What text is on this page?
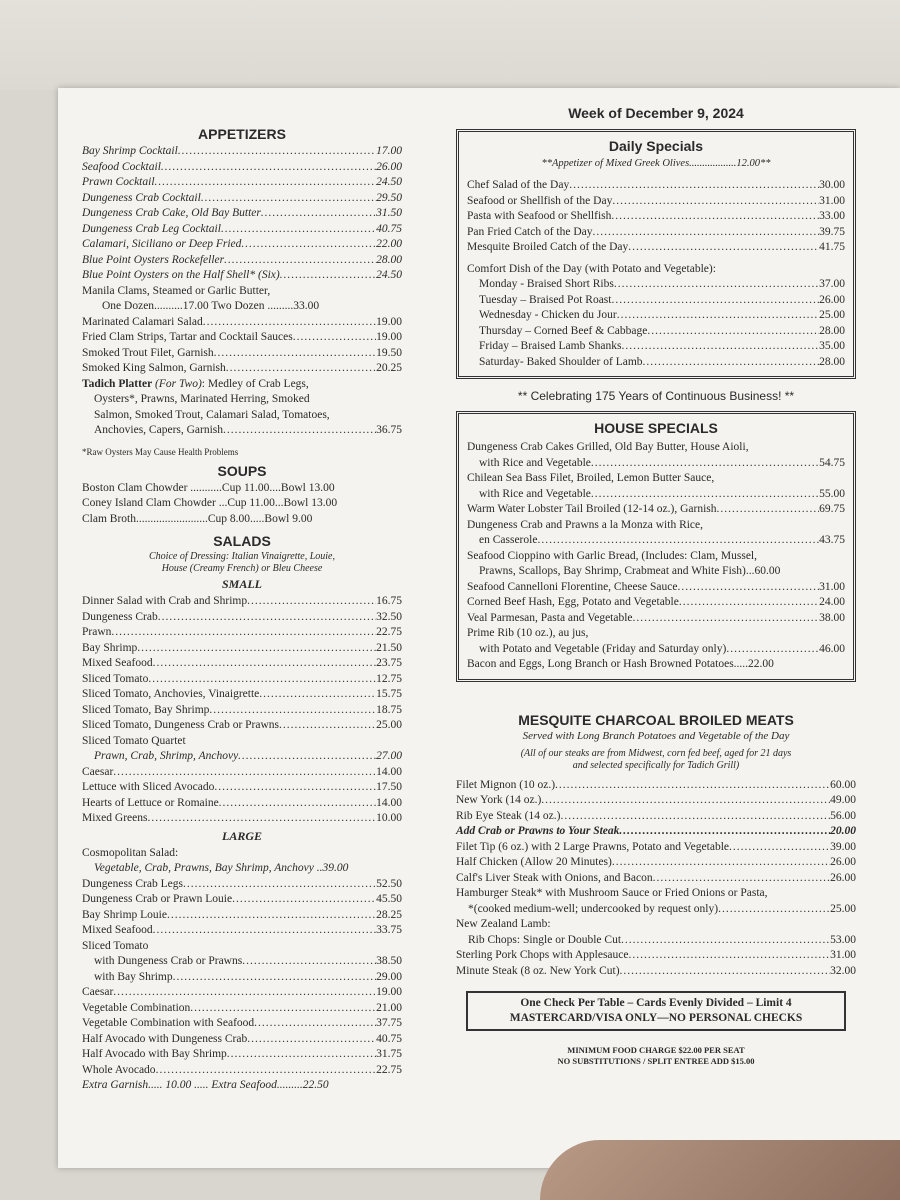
APPETIZERS
Bay Shrimp Cocktail .....	17.00
Seafood Cocktail .....	26.00
Prawn Cocktail .....	24.50
Dungeness Crab Cocktail .....	29.50
Dungeness Crab Cake, Old Bay Butter .....	31.50
Dungeness Crab Leg Cocktail .....	40.75
Calamari, Siciliano or Deep Fried .....	22.00
Blue Point Oysters Rockefeller .....	28.00
Blue Point Oysters on the Half Shell* (Six) .....	24.50
Manila Clams, Steamed or Garlic Butter,
One Dozen..........17.00 Two Dozen ......... 33.00
Marinated Calamari Salad .....	19.00
Fried Clam Strips, Tartar and Cocktail Sauces .....	19.00
Smoked Trout Filet, Garnish .....	19.50
Smoked King Salmon, Garnish .....	20.25
Tadich Platter (For Two): Medley of Crab Legs,
Oysters*, Prawns, Marinated Herring, Smoked
Salmon, Smoked Trout, Calamari Salad, Tomatoes,
Anchovies, Capers, Garnish .....	36.75
*Raw Oysters May Cause Health Problems
SOUPS
Boston Clam Chowder ...........Cup 11.00....Bowl 13.00
Coney Island Clam Chowder ...Cup 11.00...Bowl 13.00
Clam Broth.........................Cup 8.00.....Bowl 9.00
SALADS
Choice of Dressing: Italian Vinaigrette, Louie,
House (Creamy French) or Bleu Cheese
SMALL
Dinner Salad with Crab and Shrimp .....	16.75
Dungeness Crab .....	32.50
Prawn .....	22.75
Bay Shrimp .....	21.50
Mixed Seafood .....	23.75
Sliced Tomato .....	12.75
Sliced Tomato, Anchovies, Vinaigrette .....	15.75
Sliced Tomato, Bay Shrimp .....	18.75
Sliced Tomato, Dungeness Crab or Prawns .....	25.00
Sliced Tomato Quartet
Prawn, Crab, Shrimp, Anchovy .....	27.00
Caesar .....	14.00
Lettuce with Sliced Avocado .....	17.50
Hearts of Lettuce or Romaine .....	14.00
Mixed Greens .....	10.00
LARGE
Cosmopolitan Salad:
Vegetable, Crab, Prawns, Bay Shrimp, Anchovy .. 39.00
Dungeness Crab Legs .....	52.50
Dungeness Crab or Prawn Louie .....	45.50
Bay Shrimp Louie .....	28.25
Mixed Seafood .....	33.75
Sliced Tomato
with Dungeness Crab or Prawns .....	38.50
with Bay Shrimp .....	29.00
Caesar .....	19.00
Vegetable Combination .....	21.00
Vegetable Combination with Seafood .....	37.75
Half Avocado with Dungeness Crab .....	40.75
Half Avocado with Bay Shrimp .....	31.75
Whole Avocado .....	22.75
Extra Garnish..... 10.00 ..... Extra Seafood.........22.50
Week of December 9, 2024
Daily Specials
**Appetizer of Mixed Greek Olives..................12.00**
Chef Salad of the Day .....	30.00
Seafood or Shellfish of the Day .....	31.00
Pasta with Seafood or Shellfish .....	33.00
Pan Fried Catch of the Day .....	39.75
Mesquite Broiled Catch of the Day .....	41.75
Comfort Dish of the Day (with Potato and Vegetable):
Monday - Braised Short Ribs .....	37.00
Tuesday – Braised Pot Roast .....	26.00
Wednesday - Chicken du Jour .....	25.00
Thursday – Corned Beef & Cabbage .....	28.00
Friday – Braised Lamb Shanks .....	35.00
Saturday- Baked Shoulder of Lamb .....	28.00
** Celebrating 175 Years of Continuous Business! **
HOUSE SPECIALS
Dungeness Crab Cakes Grilled, Old Bay Butter, House Aioli,
with Rice and Vegetable .....	54.75
Chilean Sea Bass Filet, Broiled, Lemon Butter Sauce,
with Rice and Vegetable .....	55.00
Warm Water Lobster Tail Broiled (12-14 oz.), Garnish .....	69.75
Dungeness Crab and Prawns a la Monza with Rice,
en Casserole .....	43.75
Seafood Cioppino with Garlic Bread, (Includes: Clam, Mussel,
Prawns, Scallops, Bay Shrimp, Crabmeat and White Fish)...60.00
Seafood Cannelloni Florentine, Cheese Sauce .....	31.00
Corned Beef Hash, Egg, Potato and Vegetable .....	24.00
Veal Parmesan, Pasta and Vegetable .....	38.00
Prime Rib (10 oz.), au jus,
with Potato and Vegetable (Friday and Saturday only) .....	46.00
Bacon and Eggs, Long Branch or Hash Browned Potatoes.....22.00
MESQUITE CHARCOAL BROILED MEATS
Served with Long Branch Potatoes and Vegetable of the Day
(All of our steaks are from Midwest, corn fed beef, aged for 21 days
and selected specifically for Tadich Grill)
Filet Mignon (10 oz.) .....	60.00
New York (14 oz.) .....	49.00
Rib Eye Steak (14 oz.) .....	56.00
Add Crab or Prawns to Your Steak .....	20.00
Filet Tip (6 oz.) with 2 Large Prawns, Potato and Vegetable .....	39.00
Half Chicken (Allow 20 Minutes) .....	26.00
Calf's Liver Steak with Onions, and Bacon .....	26.00
Hamburger Steak* with Mushroom Sauce or Fried Onions or Pasta,
*(cooked medium-well; undercooked by request only) .....	25.00
New Zealand Lamb:
Rib Chops: Single or Double Cut .....	53.00
Sterling Pork Chops with Applesauce .....	31.00
Minute Steak (8 oz. New York Cut) .....	32.00
One Check Per Table – Cards Evenly Divided – Limit 4
MASTERCARD/VISA ONLY—NO PERSONAL CHECKS
MINIMUM FOOD CHARGE $22.00 PER SEAT
NO SUBSTITUTIONS / SPLIT ENTREE ADD $15.00
